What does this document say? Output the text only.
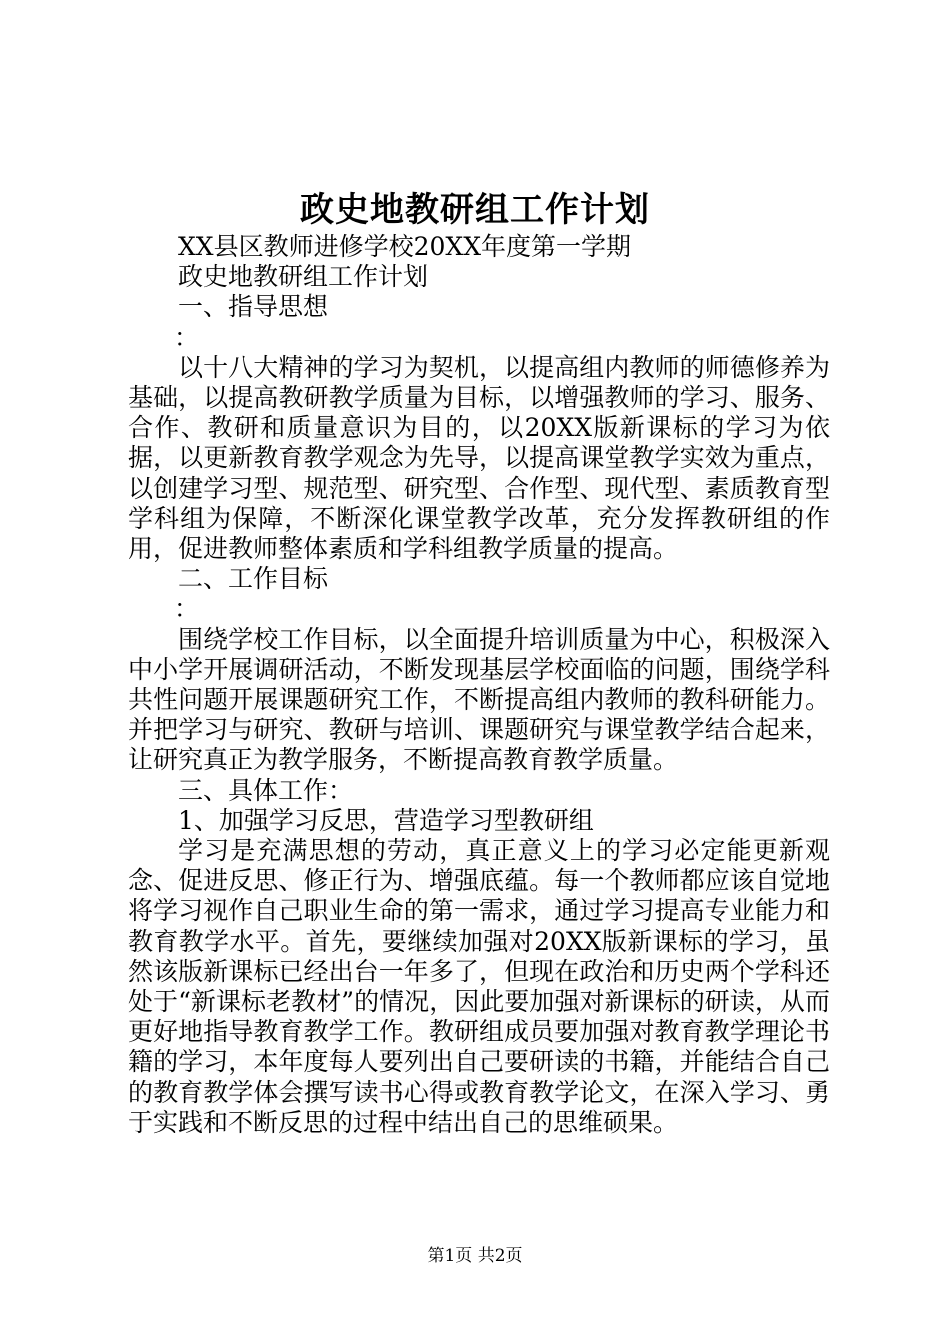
政史地教研组工作计划
XX县区教师进修学校20XX年度第一学期
政史地教研组工作计划
一、指导思想
：

以十八大精神的学习为契机，以提高组内教师的师德修养为基础，以提高教研教学质量为目标，以增强教师的学习、服务、合作、教研和质量意识为目的，以20XX版新课标的学习为依据，以更新教育教学观念为先导，以提高课堂教学实效为重点，以创建学习型、规范型、研究型、合作型、现代型、素质教育型学科组为保障，不断深化课堂教学改革，充分发挥教研组的作用，促进教师整体素质和学科组教学质量的提高。

二、工作目标
：

围绕学校工作目标，以全面提升培训质量为中心，积极深入中小学开展调研活动，不断发现基层学校面临的问题，围绕学科共性问题开展课题研究工作，不断提高组内教师的教科研能力。并把学习与研究、教研与培训、课题研究与课堂教学结合起来，让研究真正为教学服务，不断提高教育教学质量。

三、具体工作：
1、加强学习反思，营造学习型教研组

学习是充满思想的劳动，真正意义上的学习必定能更新观念、促进反思、修正行为、增强底蕴。每一个教师都应该自觉地将学习视作自己职业生命的第一需求，通过学习提高专业能力和教育教学水平。首先，要继续加强对20XX版新课标的学习，虽然该版新课标已经出台一年多了，但现在政治和历史两个学科还处于“新课标老教材”的情况，因此要加强对新课标的研读，从而更好地指导教育教学工作。教研组成员要加强对教育教学理论书籍的学习，本年度每人要列出自己要研读的书籍，并能结合自己的教育教学体会撰写读书心得或教育教学论文，在深入学习、勇于实践和不断反思的过程中结出自己的思维硕果。

第1页 共2页
